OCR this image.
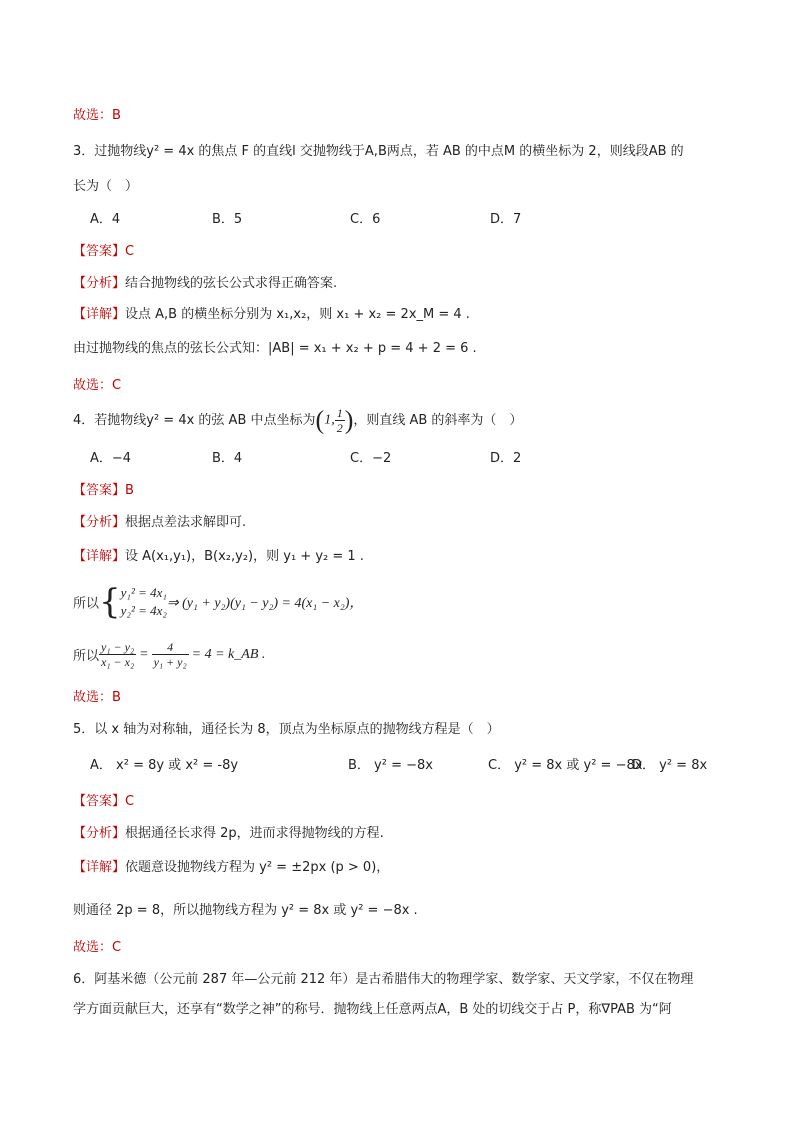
故选：B
3．过抛物线y² = 4x 的焦点 F 的直线l 交抛物线于A,B两点，若 AB 的中点M 的横坐标为 2，则线段AB 的
长为（　）
A．4	B．5	C．6	D．7
【答案】C
【分析】结合抛物线的弦长公式求得正确答案.
【详解】设点 A,B 的横坐标分别为 x₁,x₂，则 x₁ + x₂ = 2x_M = 4 .
由过抛物线的焦点的弦长公式知：|AB| = x₁ + x₂ + p = 4 + 2 = 6 .
故选：C
4．若抛物线y² = 4x 的弦 AB 中点坐标为(1, $\frac{1}{2}$ )，则直线 AB 的斜率为（　）
A．−4	B．4	C．−2	D．2
【答案】B
【分析】根据点差法求解即可.
【详解】设 A(x₁,y₁)，B(x₂,y₂)，则 y₁ + y₂ = 1 .
所以{ y₁² = 4x₁
y₂² = 4x₂ ⇒ (y₁ + y₂)(y₁ − y₂) = 4(x₁ − x₂)，
所以 $\frac{\text{y₁ − y₂}}{\text{x₁ − x₂}} = \frac{4}{\text{y₁ + y₂}} = 4$ = k_AB .
故选：B
5．以 x 轴为对称轴，通径长为 8，顶点为坐标原点的抛物线方程是（　）
A． x² = 8y 或 x² = -8y	B． y² = −8x	C． y² = 8x 或 y² = −8x
D． y² = 8x
【答案】C
【分析】根据通径长求得 2p，进而求得抛物线的方程.
【详解】依题意设抛物线方程为 y² = ±2px (p > 0)，
则通径 2p = 8，所以抛物线方程为 y² = 8x 或 y² = −8x .
故选：C
6．阿基米德（公元前 287 年—公元前 212 年）是古希腊伟大的物理学家、数学家、天文学家，不仅在物理
学方面贡献巨大，还享有“数学之神”的称号．抛物线上任意两点A，B 处的切线交于占 P，称∇PAB 为“阿
